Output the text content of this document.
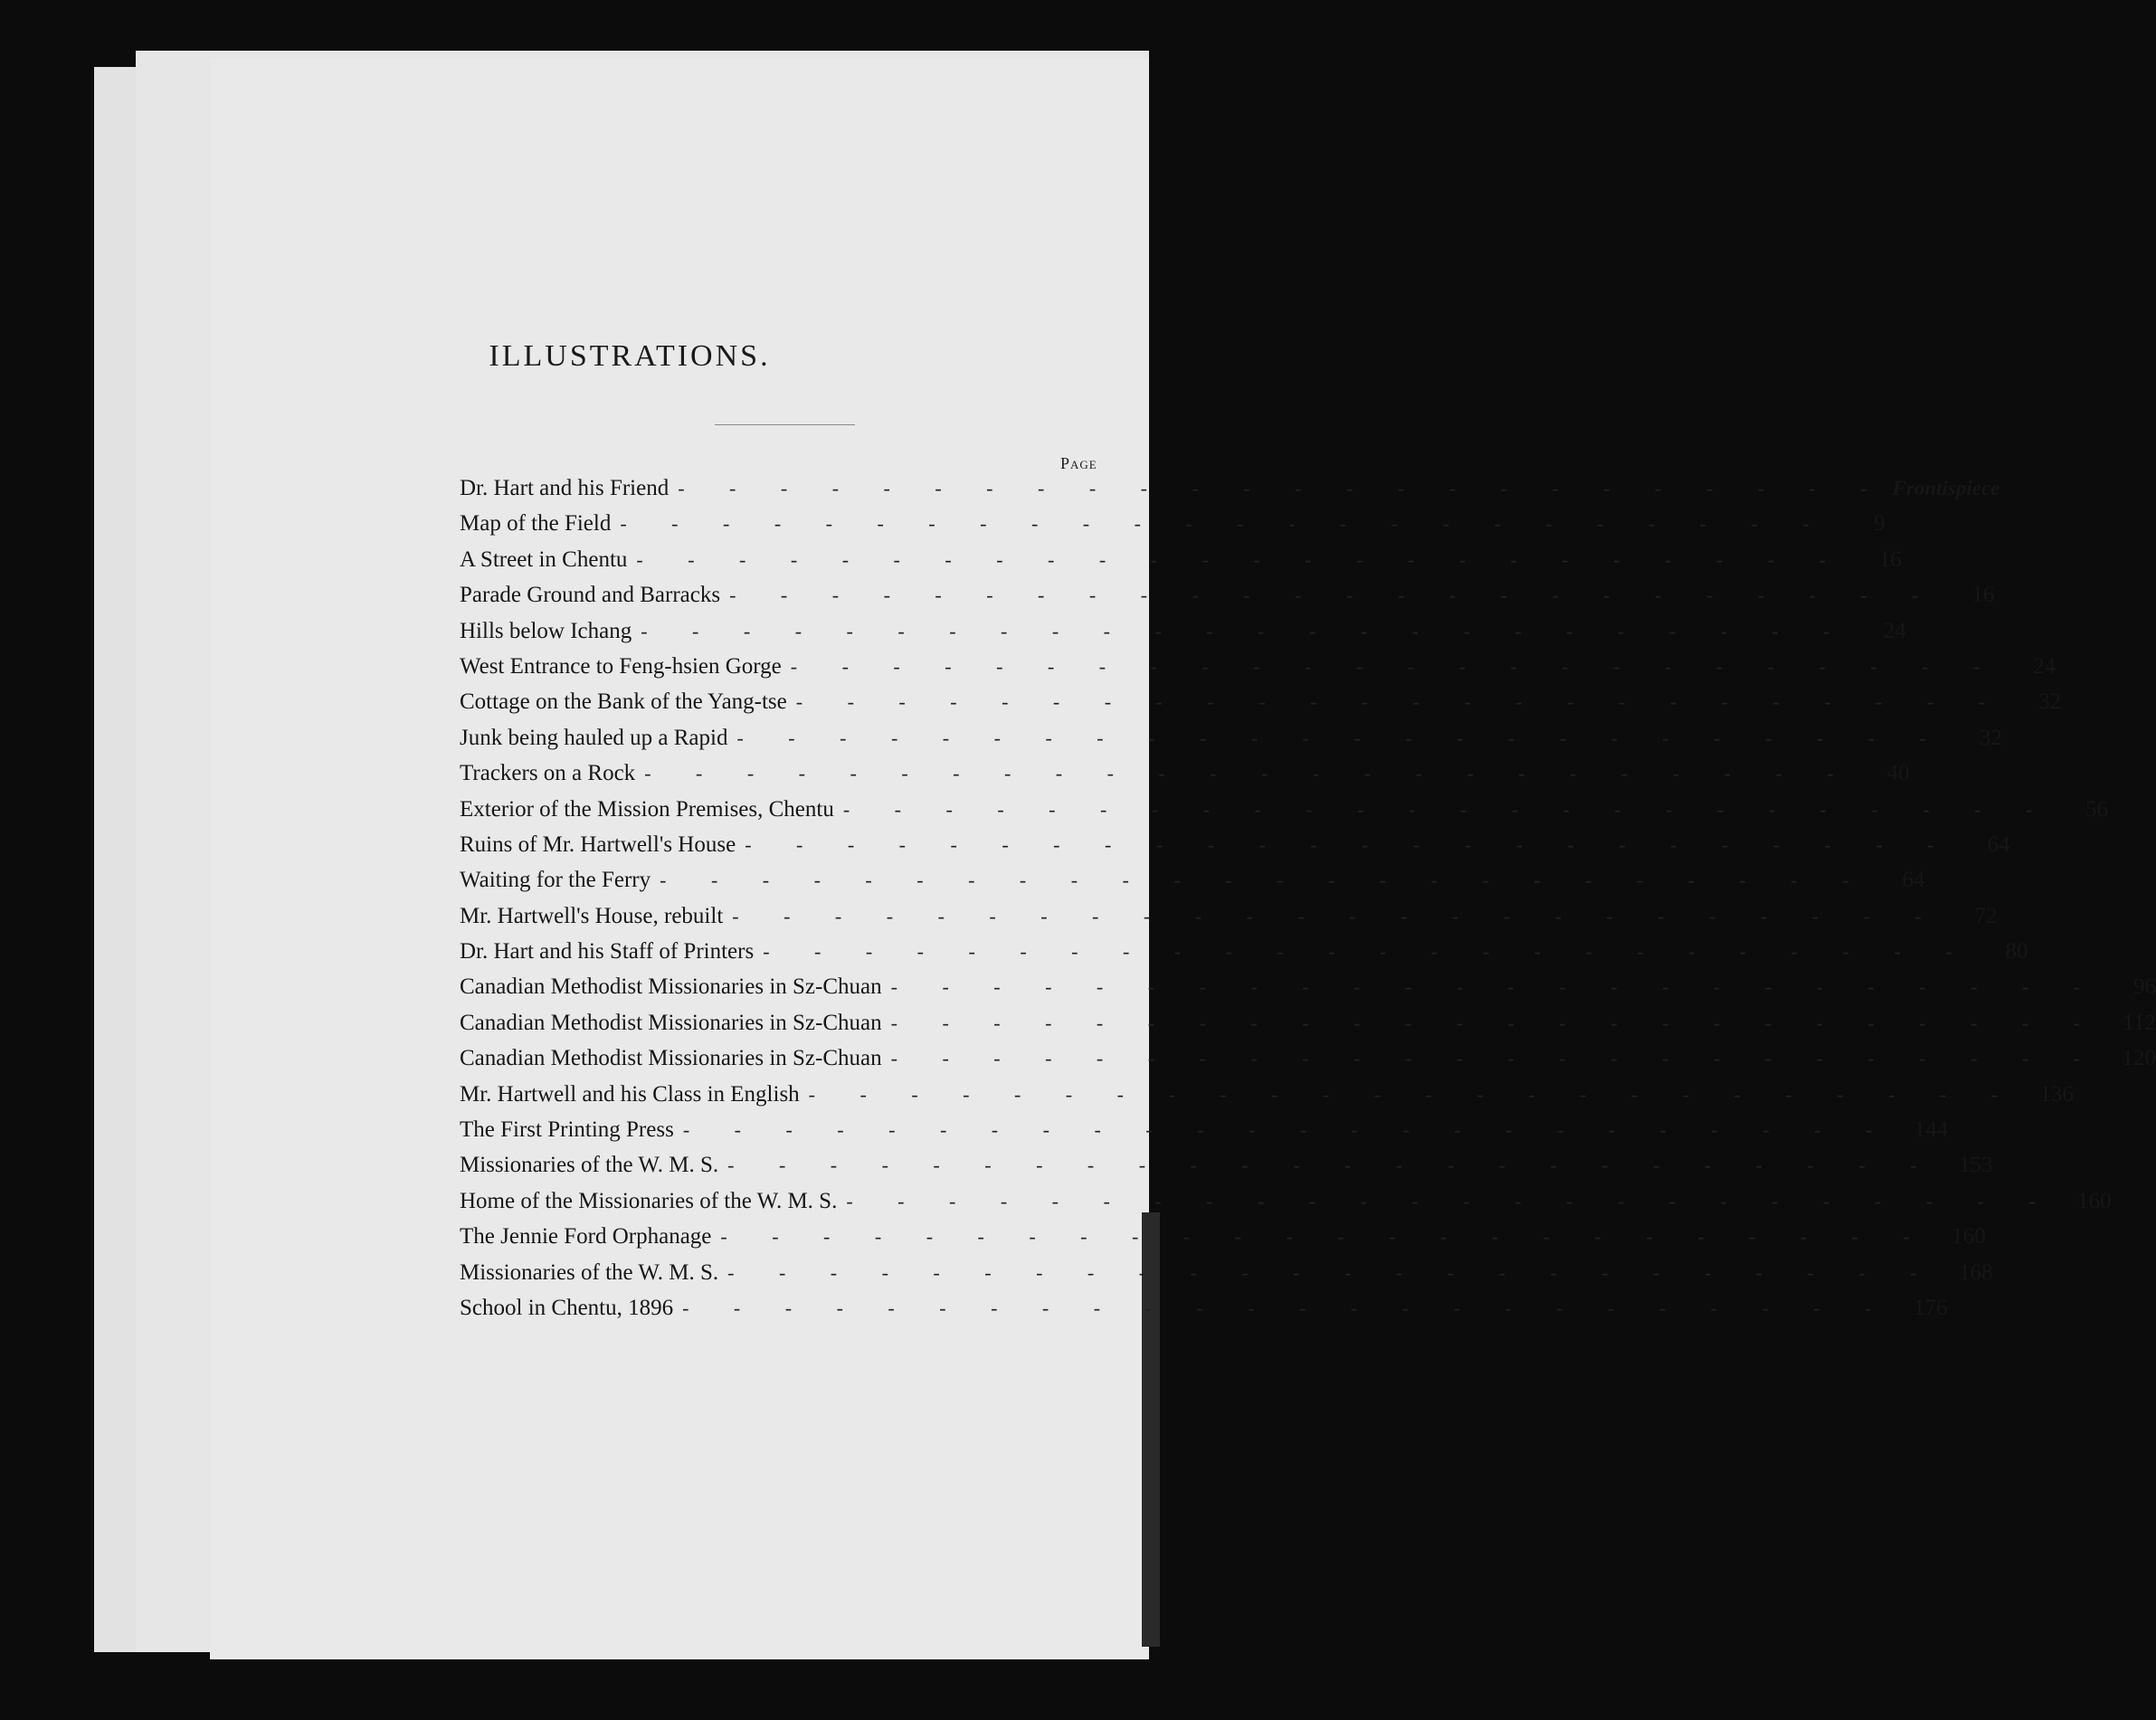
ILLUSTRATIONS.
Page
Dr. Hart and his Friend - - - - - - - - - - - - - - - - - - - - - - - - Frontispiece
Map of the Field - - - - - - - - - - - - - - - - - - - - - - - -	9
A Street in Chentu - - - - - - - - - - - - - - - - - - - - - - - -	16
Parade Ground and Barracks - - - - - - - - - - - - - - - - - - - - - - - -	16
Hills below Ichang - - - - - - - - - - - - - - - - - - - - - - - -	24
West Entrance to Feng-hsien Gorge - - - - - - - - - - - - - - - - - - - - - - - -	24
Cottage on the Bank of the Yang-tse - - - - - - - - - - - - - - - - - - - - - - - -	32
Junk being hauled up a Rapid - - - - - - - - - - - - - - - - - - - - - - - -	32
Trackers on a Rock - - - - - - - - - - - - - - - - - - - - - - - -	40
Exterior of the Mission Premises, Chentu - - - - - - - - - - - - - - - - - - - - - - - -	56
Ruins of Mr. Hartwell's House - - - - - - - - - - - - - - - - - - - - - - - -	64
Waiting for the Ferry - - - - - - - - - - - - - - - - - - - - - - - -	64
Mr. Hartwell's House, rebuilt - - - - - - - - - - - - - - - - - - - - - - - -	72
Dr. Hart and his Staff of Printers - - - - - - - - - - - - - - - - - - - - - - - -	80
Canadian Methodist Missionaries in Sz-Chuan - - - - - - - - - - - - - - - - - - - - - - - -	96
Canadian Methodist Missionaries in Sz-Chuan - - - - - - - - - - - - - - - - - - - - - - - -	112
Canadian Methodist Missionaries in Sz-Chuan - - - - - - - - - - - - - - - - - - - - - - - - 120
Mr. Hartwell and his Class in English - - - - - - - - - - - - - - - - - - - - - - - - 136
The First Printing Press - - - - - - - - - - - - - - - - - - - - - - - - 144
Missionaries of the W. M. S. - - - - - - - - - - - - - - - - - - - - - - - - 153
Home of the Missionaries of the W. M. S. - - - - - - - - - - - - - - - - - - - - - - - - 160
The Jennie Ford Orphanage - - - - - - - - - - - - - - - - - - - - - - - - 160
Missionaries of the W. M. S. - - - - - - - - - - - - - - - - - - - - - - - - 168
School in Chentu, 1896 - - - - - - - - - - - - - - - - - - - - - - - - 176
